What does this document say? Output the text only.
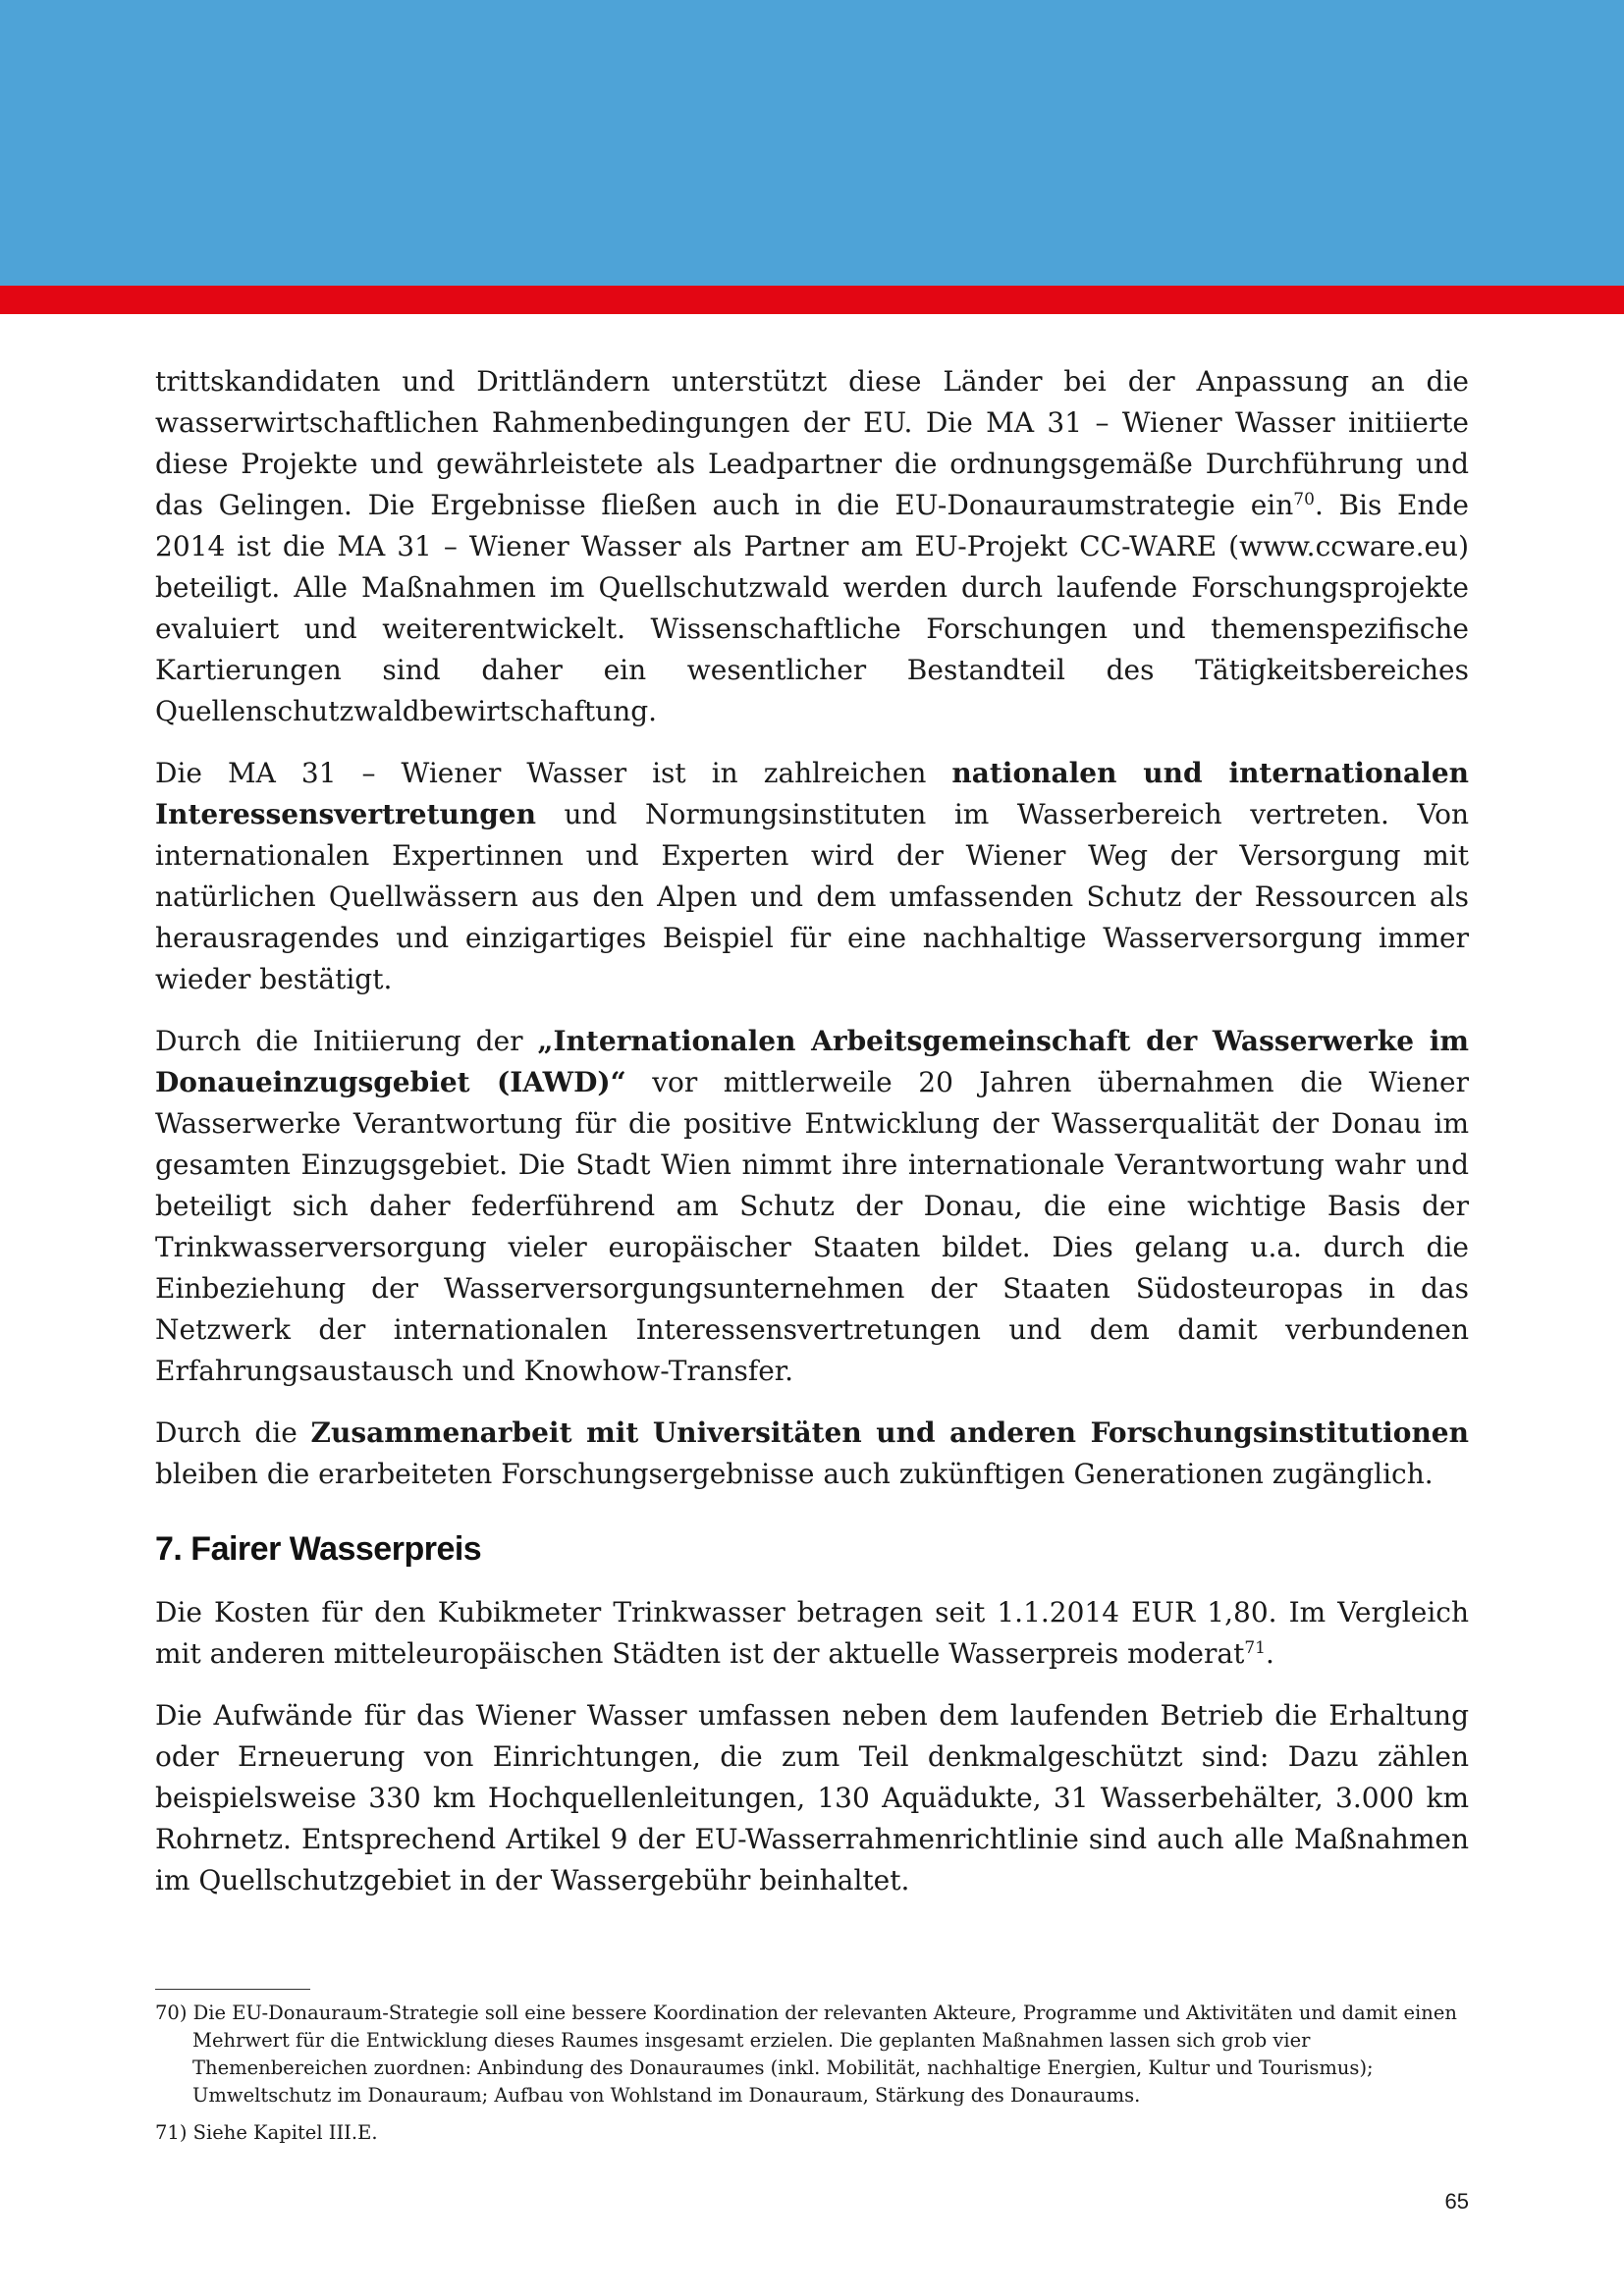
trittskandidaten und Drittländern unterstützt diese Länder bei der Anpassung an die wasserwirtschaftlichen Rahmenbedingungen der EU. Die MA 31 – Wiener Wasser initiierte diese Projekte und gewährleistete als Leadpartner die ordnungsgemäße Durchführung und das Gelingen. Die Ergebnisse fließen auch in die EU-Donauraumstrategie ein$^{70}$. Bis Ende 2014 ist die MA 31 – Wiener Wasser als Partner am EU-Projekt CC-WARE (www.ccware.eu) beteiligt. Alle Maßnahmen im Quellschutzwald werden durch laufende Forschungsprojekte evaluiert und weiterentwickelt. Wissenschaftliche Forschungen und themenspezifische Kartierungen sind daher ein wesentlicher Bestandteil des Tätigkeitsbereiches Quellenschutzwaldbewirtschaftung.

Die MA 31 – Wiener Wasser ist in zahlreichen nationalen und internationalen Interessensvertretungen und Normungsinstituten im Wasserbereich vertreten. Von internationalen Expertinnen und Experten wird der Wiener Weg der Versorgung mit natürlichen Quellwässern aus den Alpen und dem umfassenden Schutz der Ressourcen als herausragendes und einzigartiges Beispiel für eine nachhaltige Wasserversorgung immer wieder bestätigt.

Durch die Initiierung der „Internationalen Arbeitsgemeinschaft der Wasserwerke im Donaueinzugsgebiet (IAWD)“ vor mittlerweile 20 Jahren übernahmen die Wiener Wasserwerke Verantwortung für die positive Entwicklung der Wasserqualität der Donau im gesamten Einzugsgebiet. Die Stadt Wien nimmt ihre internationale Verantwortung wahr und beteiligt sich daher federführend am Schutz der Donau, die eine wichtige Basis der Trinkwasserversorgung vieler europäischer Staaten bildet. Dies gelang u.a. durch die Einbeziehung der Wasserversorgungsunternehmen der Staaten Südosteuropas in das Netzwerk der internationalen Interessensvertretungen und dem damit verbundenen Erfahrungsaustausch und Knowhow-Transfer.

Durch die Zusammenarbeit mit Universitäten und anderen Forschungsinstitutionen bleiben die erarbeiteten Forschungsergebnisse auch zukünftigen Generationen zugänglich.

7. Fairer Wasserpreis

Die Kosten für den Kubikmeter Trinkwasser betragen seit 1.1.2014 EUR 1,80. Im Vergleich mit anderen mitteleuropäischen Städten ist der aktuelle Wasserpreis moderat$^{71}$.

Die Aufwände für das Wiener Wasser umfassen neben dem laufenden Betrieb die Erhaltung oder Erneuerung von Einrichtungen, die zum Teil denkmalgeschützt sind: Dazu zählen beispielsweise 330 km Hochquellenleitungen, 130 Aquädukte, 31 Wasserbehälter, 3.000 km Rohrnetz. Entsprechend Artikel 9 der EU-Wasserrahmenrichtlinie sind auch alle Maßnahmen im Quellschutzgebiet in der Wassergebühr beinhaltet.

70) Die EU-Donauraum-Strategie soll eine bessere Koordination der relevanten Akteure, Programme und Aktivitäten und damit einen Mehrwert für die Entwicklung dieses Raumes insgesamt erzielen. Die geplanten Maßnahmen lassen sich grob vier Themenbereichen zuordnen: Anbindung des Donauraumes (inkl. Mobilität, nachhaltige Energien, Kultur und Tourismus); Umweltschutz im Donauraum; Aufbau von Wohlstand im Donauraum, Stärkung des Donauraums.
71) Siehe Kapitel III.E.
65
